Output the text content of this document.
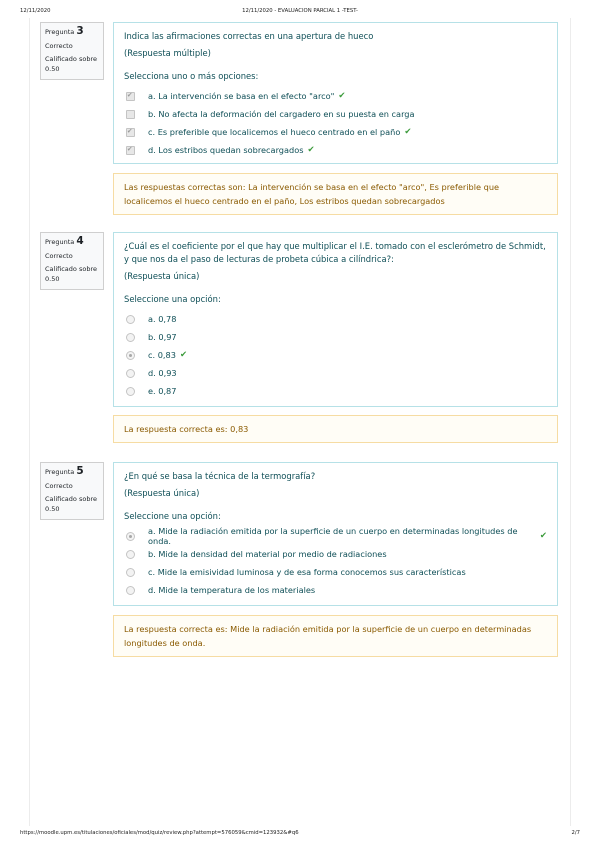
12/11/2020	12/11/2020 - EVALUACION PARCIAL 1 -TEST-
Pregunta 3
Correcto
Calificado sobre 0.50

Indica las afirmaciones correctas en una apertura de hueco

(Respuesta múltiple)

Selecciona uno o más opciones:

✔
a. La intervención se basa en el efecto "arco" ✔
b. No afecta la deformación del cargadero en su puesta en carga
✔
c. Es preferible que localicemos el hueco centrado en el paño ✔
✔
d. Los estribos quedan sobrecargados ✔
Las respuestas correctas son: La intervención se basa en el efecto "arco", Es preferible que localicemos el hueco centrado en el paño, Los estribos quedan sobrecargados
Pregunta 4
Correcto
Calificado sobre 0.50

¿Cuál es el coeficiente por el que hay que multiplicar el I.E. tomado con el esclerómetro de Schmidt, y que nos da el paso de lecturas de probeta cúbica a cilíndrica?:

(Respuesta única)

Seleccione una opción:

a. 0,78
b. 0,97
c. 0,83 ✔
d. 0,93
e. 0,87
La respuesta correcta es: 0,83
Pregunta 5
Correcto
Calificado sobre 0.50

¿En qué se basa la técnica de la termografía?

(Respuesta única)

Seleccione una opción:

a. Mide la radiación emitida por la superficie de un cuerpo en determinadas longitudes de onda.	✔
b. Mide la densidad del material por medio de radiaciones
c. Mide la emisividad luminosa y de esa forma conocemos sus características
d. Mide la temperatura de los materiales
La respuesta correcta es: Mide la radiación emitida por la superficie de un cuerpo en determinadas longitudes de onda.
https://moodle.upm.es/titulaciones/oficiales/mod/quiz/review.php?attempt=576059&cmid=123932&#q6	2/7
